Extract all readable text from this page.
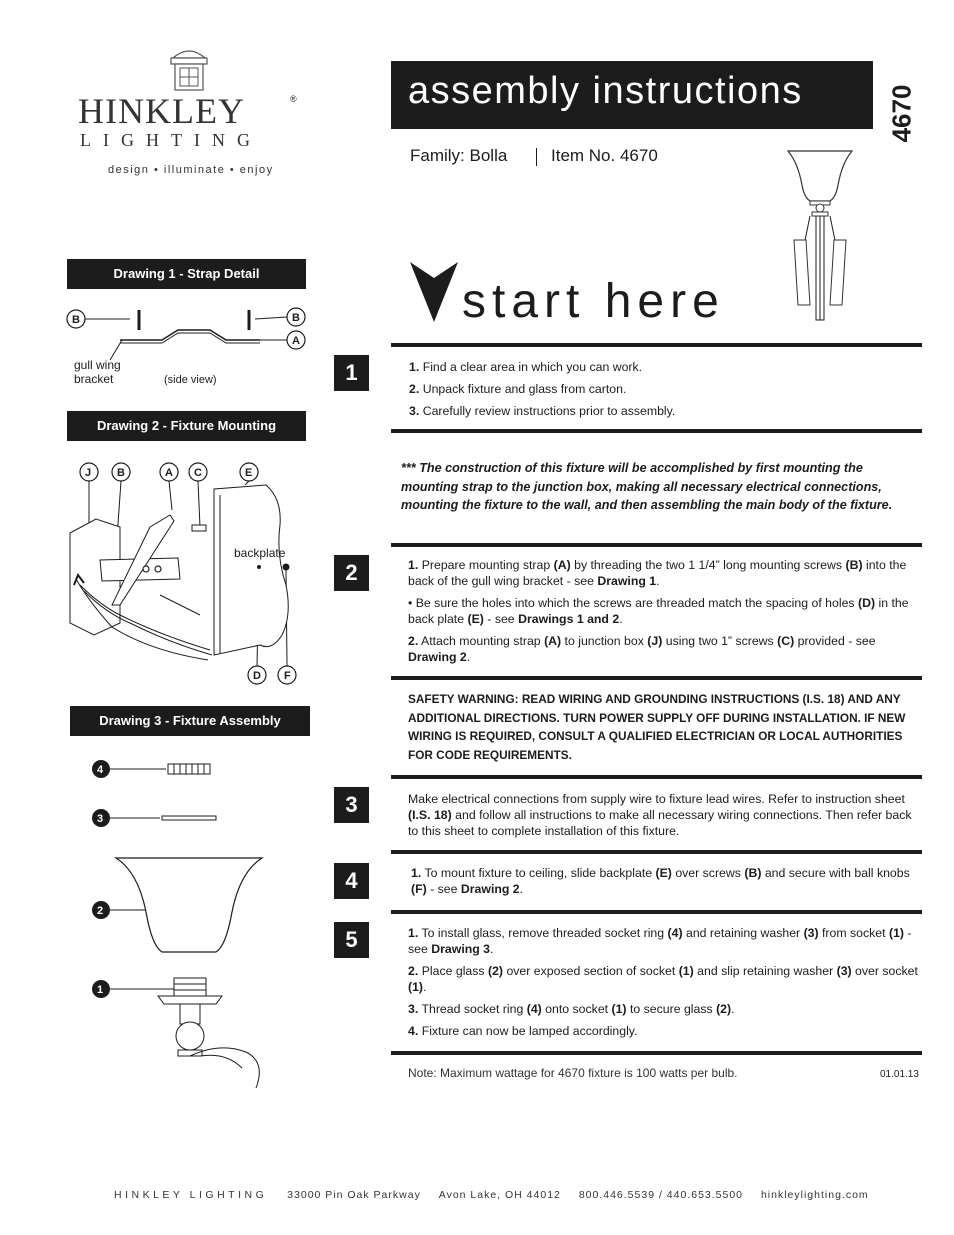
HINKLEY	®
LIGHTING
design • illuminate • enjoy
assembly instructions	4670
Family: Bolla	Item No. 4670
start here
Drawing 1 - Strap Detail
B	B
A
gull wing
bracket	(side view)
Drawing 2 - Fixture Mounting
J B	A C	E
D F
backplate
Drawing 3 - Fixture Assembly
4
3
2
1
1	1. Find a clear area in which you can work.

2. Unpack fixture and glass from carton.

3. Carefully review instructions prior to assembly.

*** The construction of this fixture will be accomplished by first mounting the mounting strap to the junction box, making all necessary electrical connections, mounting the fixture to the wall, and then assembling the main body of the fixture.
2	1. Prepare mounting strap (A) by threading the two 1 1/4” long mounting screws (B) into the back of the gull wing bracket - see Drawing 1.

• Be sure the holes into which the screws are threaded match the spacing of holes (D) in the back plate (E) - see Drawings 1 and 2.

2. Attach mounting strap (A) to junction box (J) using two 1” screws (C) provided - see Drawing 2.

SAFETY WARNING: READ WIRING AND GROUNDING INSTRUCTIONS (I.S. 18) AND ANY ADDITIONAL DIRECTIONS. TURN POWER SUPPLY OFF DURING INSTALLATION. IF NEW WIRING IS REQUIRED, CONSULT A QUALIFIED ELECTRICIAN OR LOCAL AUTHORITIES FOR CODE REQUIREMENTS.
3	Make electrical connections from supply wire to fixture lead wires. Refer to instruction sheet (I.S. 18) and follow all instructions to make all necessary wiring connections. Then refer back to this sheet to complete installation of this fixture.

4	1. To mount fixture to ceiling, slide backplate (E) over screws (B) and secure with ball knobs (F) - see Drawing 2.

5	1. To install glass, remove threaded socket ring (4) and retaining washer (3) from socket (1) - see Drawing 3.

2. Place glass (2) over exposed section of socket (1) and slip retaining washer (3) over socket (1).

3. Thread socket ring (4) onto socket (1) to secure glass (2).

4. Fixture can now be lamped accordingly.

Note: Maximum wattage for 4670 fixture is 100 watts per bulb.	01.01.13
HINKLEY LIGHTING 33000 Pin Oak Parkway Avon Lake, OH 44012 800.446.5539 / 440.653.5500 hinkleylighting.com
